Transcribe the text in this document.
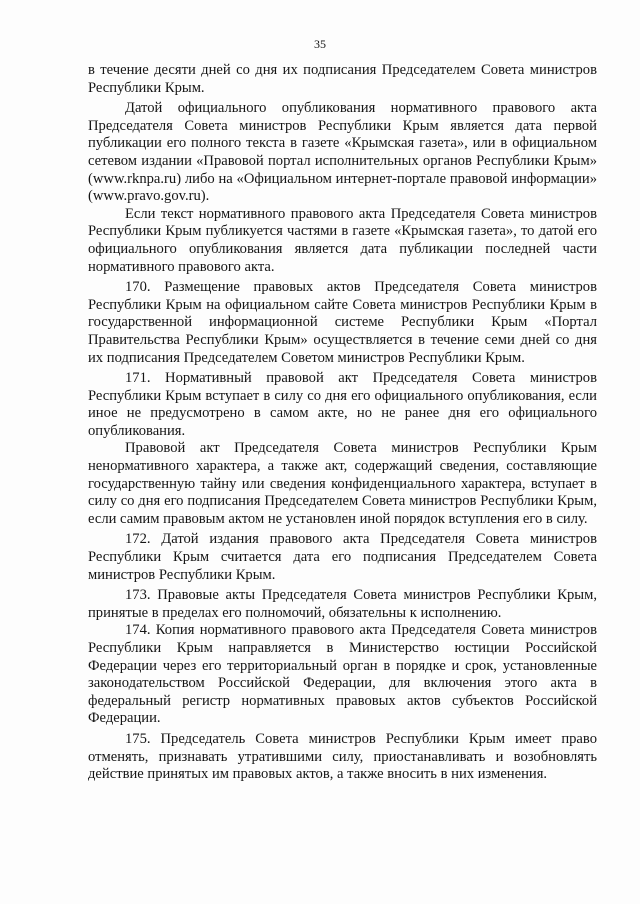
35

в течение десяти дней со дня их подписания Председателем Совета министров Республики Крым.

Датой официального опубликования нормативного правового акта Председателя Совета министров Республики Крым является дата первой публикации его полного текста в газете «Крымская газета», или в официальном сетевом издании «Правовой портал исполнительных органов Республики Крым» (www.rknpa.ru) либо на «Официальном интернет-портале правовой информации» (www.pravo.gov.ru).

Если текст нормативного правового акта Председателя Совета министров Республики Крым публикуется частями в газете «Крымская газета», то датой его официального опубликования является дата публикации последней части нормативного правового акта.

170. Размещение правовых актов Председателя Совета министров Республики Крым на официальном сайте Совета министров Республики Крым в государственной информационной системе Республики Крым «Портал Правительства Республики Крым» осуществляется в течение семи дней со дня их подписания Председателем Советом министров Республики Крым.

171. Нормативный правовой акт Председателя Совета министров Республики Крым вступает в силу со дня его официального опубликования, если иное не предусмотрено в самом акте, но не ранее дня его официального опубликования.

Правовой акт Председателя Совета министров Республики Крым ненормативного характера, а также акт, содержащий сведения, составляющие государственную тайну или сведения конфиденциального характера, вступает в силу со дня его подписания Председателем Совета министров Республики Крым, если самим правовым актом не установлен иной порядок вступления его в силу.

172. Датой издания правового акта Председателя Совета министров Республики Крым считается дата его подписания Председателем Совета министров Республики Крым.

173. Правовые акты Председателя Совета министров Республики Крым, принятые в пределах его полномочий, обязательны к исполнению.

174. Копия нормативного правового акта Председателя Совета министров Республики Крым направляется в Министерство юстиции Российской Федерации через его территориальный орган в порядке и срок, установленные законодательством Российской Федерации, для включения этого акта в федеральный регистр нормативных правовых актов субъектов Российской Федерации.

175. Председатель Совета министров Республики Крым имеет право отменять, признавать утратившими силу, приостанавливать и возобновлять действие принятых им правовых актов, а также вносить в них изменения.
